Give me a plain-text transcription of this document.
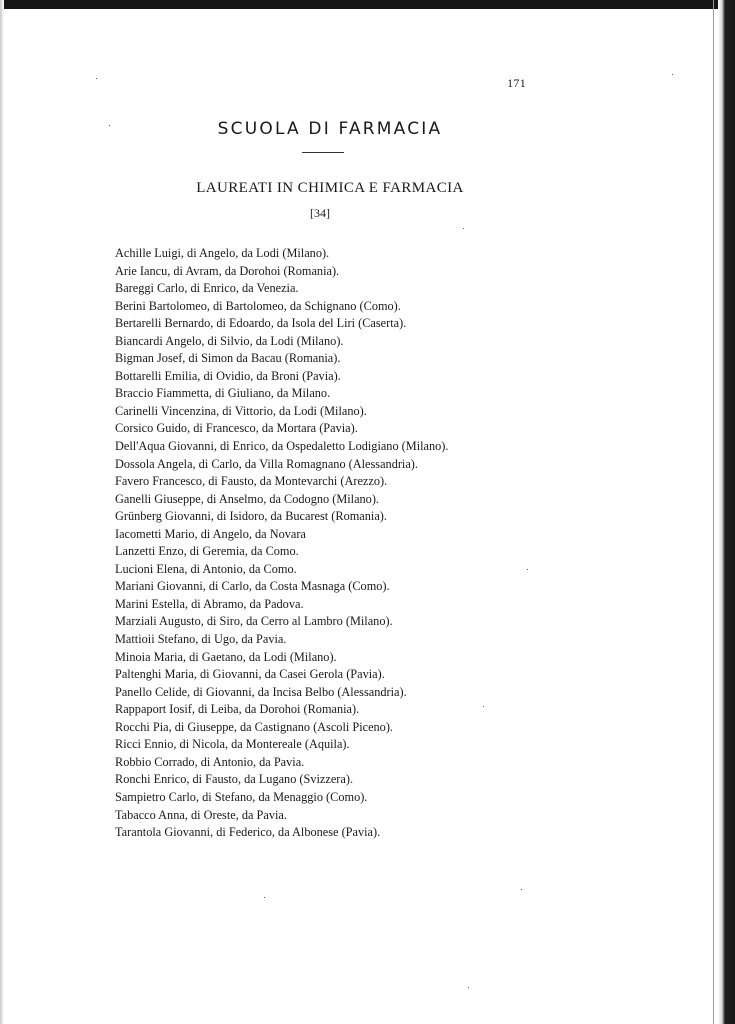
171
SCUOLA DI FARMACIA
LAUREATI IN CHIMICA E FARMACIA
[34]
Achille Luigi, di Angelo, da Lodi (Milano).
Arie Iancu, di Avram, da Dorohoi (Romania).
Bareggi Carlo, di Enrico, da Venezia.
Berini Bartolomeo, di Bartolomeo, da Schignano (Como).
Bertarelli Bernardo, di Edoardo, da Isola del Liri (Caserta).
Biancardi Angelo, di Silvio, da Lodi (Milano).
Bigman Josef, di Simon da Bacau (Romania).
Bottarelli Emilia, di Ovidio, da Broni (Pavia).
Braccio Fiammetta, di Giuliano, da Milano.
Carinelli Vincenzina, di Vittorio, da Lodi (Milano).
Corsico Guido, di Francesco, da Mortara (Pavia).
Dell'Aqua Giovanni, di Enrico, da Ospedaletto Lodigiano (Milano).
Dossola Angela, di Carlo, da Villa Romagnano (Alessandria).
Favero Francesco, di Fausto, da Montevarchi (Arezzo).
Ganelli Giuseppe, di Anselmo, da Codogno (Milano).
Grünberg Giovanni, di Isidoro, da Bucarest (Romania).
Iacometti Mario, di Angelo, da Novara
Lanzetti Enzo, di Geremia, da Como.
Lucioni Elena, di Antonio, da Como.
Mariani Giovanni, di Carlo, da Costa Masnaga (Como).
Marini Estella, di Abramo, da Padova.
Marziali Augusto, di Siro, da Cerro al Lambro (Milano).
Mattioii Stefano, di Ugo, da Pavia.
Minoia Maria, di Gaetano, da Lodi (Milano).
Paltenghi Maria, di Giovanni, da Casei Gerola (Pavia).
Panello Celide, di Giovanni, da Incisa Belbo (Alessandria).
Rappaport Iosif, di Leiba, da Dorohoi (Romania).
Rocchi Pia, di Giuseppe, da Castignano (Ascoli Piceno).
Ricci Ennio, di Nicola, da Montereale (Aquila).
Robbio Corrado, di Antonio, da Pavia.
Ronchi Enrico, di Fausto, da Lugano (Svizzera).
Sampietro Carlo, di Stefano, da Menaggio (Como).
Tabacco Anna, di Oreste, da Pavia.
Tarantola Giovanni, di Federico, da Albonese (Pavia).
